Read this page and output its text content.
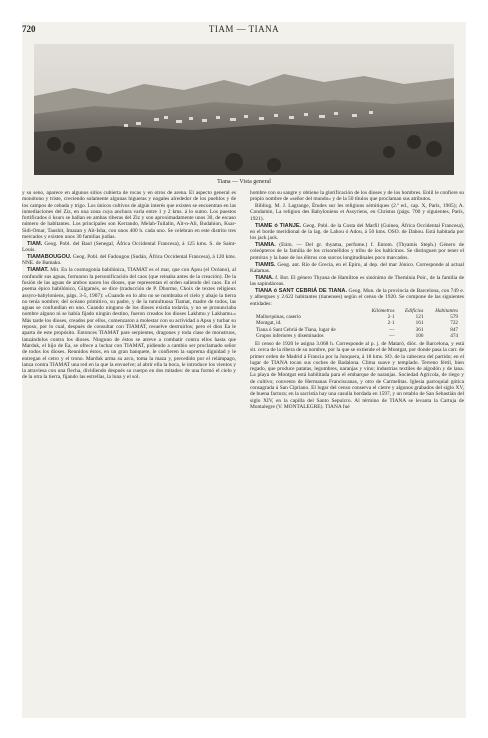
720	TIAM — TIANA
Tiana — Vista general

y su seno, aparece en algunos sitios cubierta de rocas y en otros de arena. El aspecto general es monótono y triste, creciendo solamente algunas higueras y nogales alrededor de los pueblos y de los campos de cebada y trigo. Los únicos cultivos de algún interés que existen se encuentran en las inmediaciones del Ziz, en una zona cuya anchura varía entre 1 y 2 kms. á lo sumo. Los puestos fortificados ó ksurs se hallan en ambas riberas del Ziz y son aproximadamente unos 30, de escaso número de habitantes. Los principales son Kerrando, Melah-Tuilalin, Aït-n-Ali, Budahion, Ksar-Sidi-Omar, Taushit, Imazan y Aït-Isha, con unos 400 h. cada uno. Se celebran en este distrito tres mercados y existen unos 30 familias judías.

TIAM. Geog. Pobl. del Baol (Senegal, África Occidental Francesa), á 125 kms. S. de Saint-Louis.

TIAMABOUGOU. Geog. Pobl. del Fadougou (Sudán, África Occidental Francesa), á 120 kms. NNE. de Bamako.

TIAMAT. Mit. En la cosmogonía babilónica, TIAMAT es el mar, que con Apsu (el Océano), al confundir sus aguas, formaron la personificación del caos (que reinaba antes de la creación). De la fusión de las aguas de ambos nacen los dioses, que representan el orden saliendo del caos. En el poema épico babilónico, Gilgamés, se dice (traducción de P. Dhorme, Choix de textes religieux assyro-babyloniens, págs. 3-5, 1907): «Cuando en lo alto no se nombraba el cielo y abajo la tierra no tenía nombre; del océano primitivo, su padre, y de la tumultuosa Tiamat, madre de todos, las aguas se confundían en uno. Cuando ninguno de los dioses existía todavía, y no se pronunciaba nombre alguno ni se había fijado ningún destino, fueron creados los dioses Lakhmu y Lakhamu.» Más tarde los dioses, creados por ellos, comenzaron a molestar con su actividad a Apsu y turbar su reposo, por lo cual, después de consultar con TIAMAT, resuelve destruirlos; pero el dios Ea le aparta de este propósito. Entonces TIAMAT pare serpientes, dragones y toda clase de monstruos, lanzándolos contra los dioses. Ninguno de éstos se atreve a combatir contra ellos hasta que Marduk, el hijo de Ea, se ofrece a luchar con TIAMAT, pidiendo a cambio ser proclamado señor de todos los dioses. Reunidos éstos, en un gran banquete, le confieren la suprema dignidad y le entregan el cetro y el trono. Marduk arma su arco, toma la maza y, precedido por el relámpago, lanza contra TIAMAT una red en la que la envuelve; al abrir ella la boca, le introduce los vientos y la atraviesa con una flecha, dividiendo después su cuerpo en dos mitades: de una formó el cielo y de la otra la tierra, fijando las estrellas, la luna y el sol.

hombre con su sangre y obtiene la glorificación de los dioses y de los hombres. Enlil le confiere su propio nombre de «señor del mundo» y de la 50 títulos que proclaman sus atributos.

Bibliog. M. J. Lagrange, Études sur les religions sémitiques (2.ª ed., cap. X, París, 1905); A. Condamin, La religion des Babyloniens et Assyriens, en Christus (págs. 700 y siguientes, París, 1921).

TIAME ó TIANJE. Geog. Pobl. de la Costa del Marfil (Guinea, África Occidental Francesa), en el borde meridional de la lag. de Lahou ó Adou, á 50 kms. OSO. de Dabou. Está habitada por los jack jack.

TIAMIA. (Etim. — Del gr. thyama, perfume.) f. Entom. (Thyamis Steph.) Género de coleópteros de la familia de los crisomélidos y tribu de los halticinos. Se distinguen por tener el protórax y la base de los élitros con surcos longitudinales poco marcados.

TIAMIS. Geog. ant. Río de Grecia, en el Epiro, al dep. del mar Jónico. Corresponde al actual Kalamas.

TIANA. f. Bot. El género Thyana de Hamilton es sinónimo de Theminia Poir., de la familia de las sapindáceas.

TIANA ó SANT CEBRIÁ DE TIANA. Geog. Mun. de la provincia de Barcelona, con 749 e. y albergues y 2.622 habitantes (tianenses) según el censo de 1920. Se compone de las siguientes entidades:

	Kilómetros	Edificios	Habitantes
Mallorquinas, caserío	2·1	121	579
Montgat, id.	2·1	161	722
Tiana ó Sant Cebriá de Tiana, lugar de	—	361	847
Grupos inferiores y diseminados	—	106	474

El censo de 1920 le asigna 3.068 h. Corresponde al p. j. de Mataró, dióc. de Barcelona, y está sit. cerca de la ribera de su nombre, por la que se extiende el de Montgat, por donde pasa la carr. de primer orden de Madrid á Francia por la Junquera, á 18 kms. SO. de la cabecera del partido; en el lugar de TIANA tocan sus coches de Badalona. Clima suave y templado. Terreno fértil, bien regado, que produce patatas, legumbres, naranjas y vino; industrias textiles de algodón y de lana. La playa de Montgat está habilitada para el embarque de naranjas. Sociedad Agrícola, de riego y de cultivo; convento de Hermanas Franciscanas, y otro de Carmelitas. Iglesia parroquial gótica consagrada á San Cipriano. El lugar del censo conserva el cierre y algunos grabados del siglo XV, de buena factura; en la sacristía hay una casulla bordada en 1597, y un retablo de San Sebastián del siglo XIV, en la capilla del Santo Sepulcro. Al término de TIANA se levanta la Cartuja de Montalegre (V. MONTALEGRE). TIANA fué
